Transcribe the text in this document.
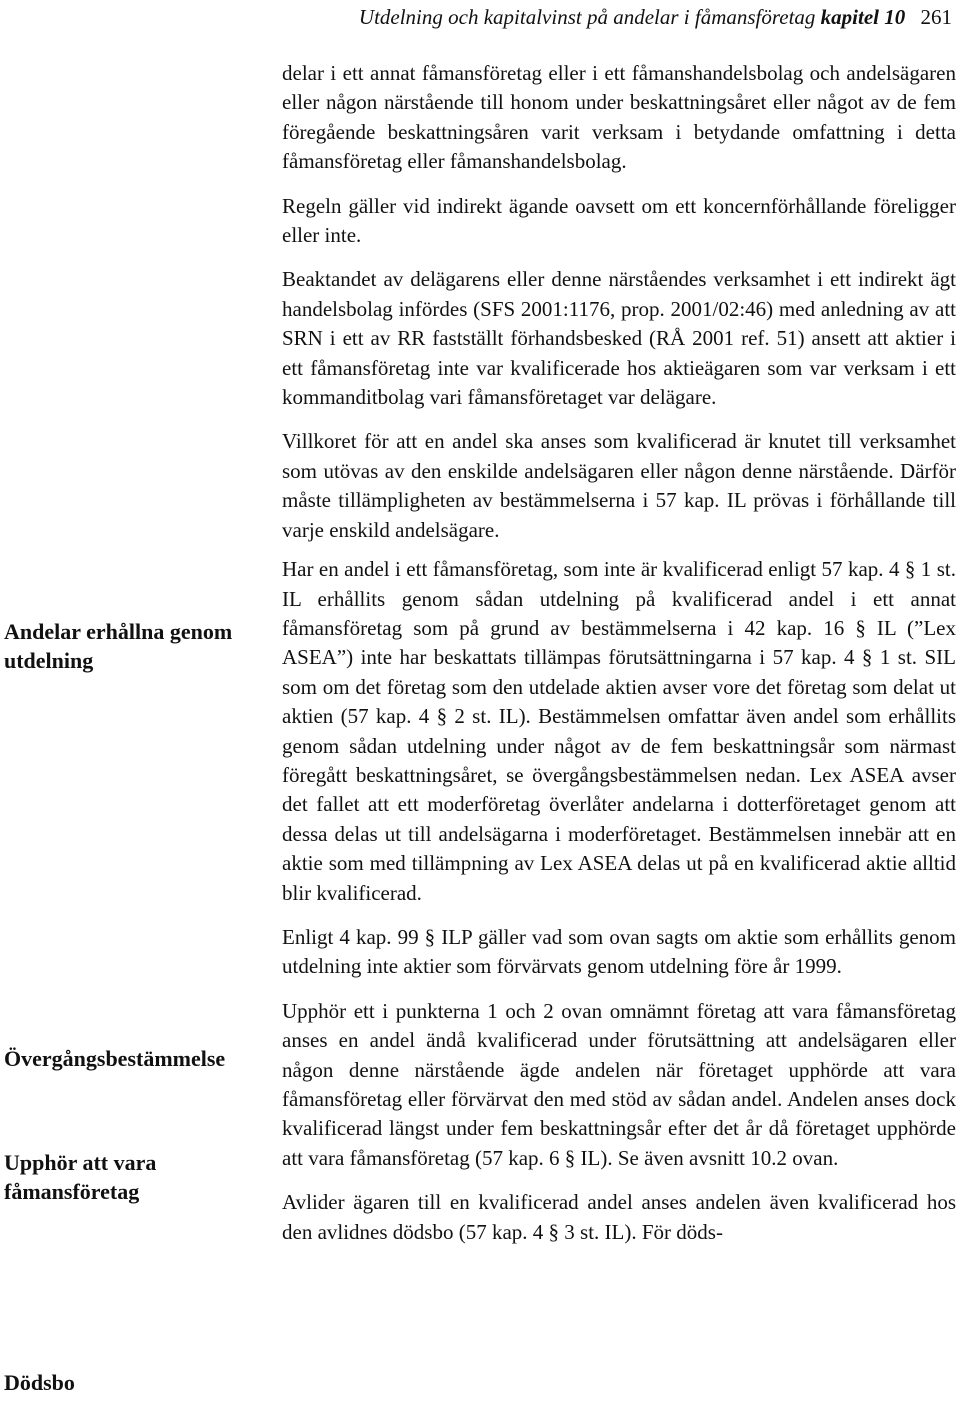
Utdelning och kapitalvinst på andelar i fåmansföretag kapitel 10 261
Andelar erhållna genom utdelning
Övergångsbestämmelse
Upphör att vara fåmansföretag
Dödsbo

delar i ett annat fåmansföretag eller i ett fåmanshandelsbolag och andelsägaren eller någon närstående till honom under beskattningsåret eller något av de fem föregående beskattningsåren varit verksam i betydande omfattning i detta fåmansföretag eller fåmanshandelsbolag.

Regeln gäller vid indirekt ägande oavsett om ett koncernförhållande föreligger eller inte.

Beaktandet av delägarens eller denne närståendes verksamhet i ett indirekt ägt handelsbolag infördes (SFS 2001:1176, prop. 2001/02:46) med anledning av att SRN i ett av RR fastställt förhandsbesked (RÅ 2001 ref. 51) ansett att aktier i ett fåmansföretag inte var kvalificerade hos aktieägaren som var verksam i ett kommanditbolag vari fåmansföretaget var delägare.

Villkoret för att en andel ska anses som kvalificerad är knutet till verksamhet som utövas av den enskilde andelsägaren eller någon denne närstående. Därför måste tillämpligheten av bestämmelserna i 57 kap. IL prövas i förhållande till varje enskild andelsägare.

Har en andel i ett fåmansföretag, som inte är kvalificerad enligt 57 kap. 4 § 1 st. IL erhållits genom sådan utdelning på kvalificerad andel i ett annat fåmansföretag som på grund av bestämmelserna i 42 kap. 16 § IL (”Lex ASEA”) inte har beskattats tillämpas förutsättningarna i 57 kap. 4 § 1 st. SIL som om det företag som den utdelade aktien avser vore det företag som delat ut aktien (57 kap. 4 § 2 st. IL). Bestämmelsen omfattar även andel som erhållits genom sådan utdelning under något av de fem beskattningsår som närmast föregått beskattningsåret, se övergångsbestämmelsen nedan. Lex ASEA avser det fallet att ett moderföretag överlåter andelarna i dotterföretaget genom att dessa delas ut till andelsägarna i moderföretaget. Bestämmelsen innebär att en aktie som med tillämpning av Lex ASEA delas ut på en kvalificerad aktie alltid blir kvalificerad.

Enligt 4 kap. 99 § ILP gäller vad som ovan sagts om aktie som erhållits genom utdelning inte aktier som förvärvats genom utdelning före år 1999.

Upphör ett i punkterna 1 och 2 ovan omnämnt företag att vara fåmansföretag anses en andel ändå kvalificerad under förutsättning att andelsägaren eller någon denne närstående ägde andelen när företaget upphörde att vara fåmansföretag eller förvärvat den med stöd av sådan andel. Andelen anses dock kvalificerad längst under fem beskattningsår efter det år då företaget upphörde att vara fåmansföretag (57 kap. 6 § IL). Se även avsnitt 10.2 ovan.

Avlider ägaren till en kvalificerad andel anses andelen även kvalificerad hos den avlidnes dödsbo (57 kap. 4 § 3 st. IL). För döds-
